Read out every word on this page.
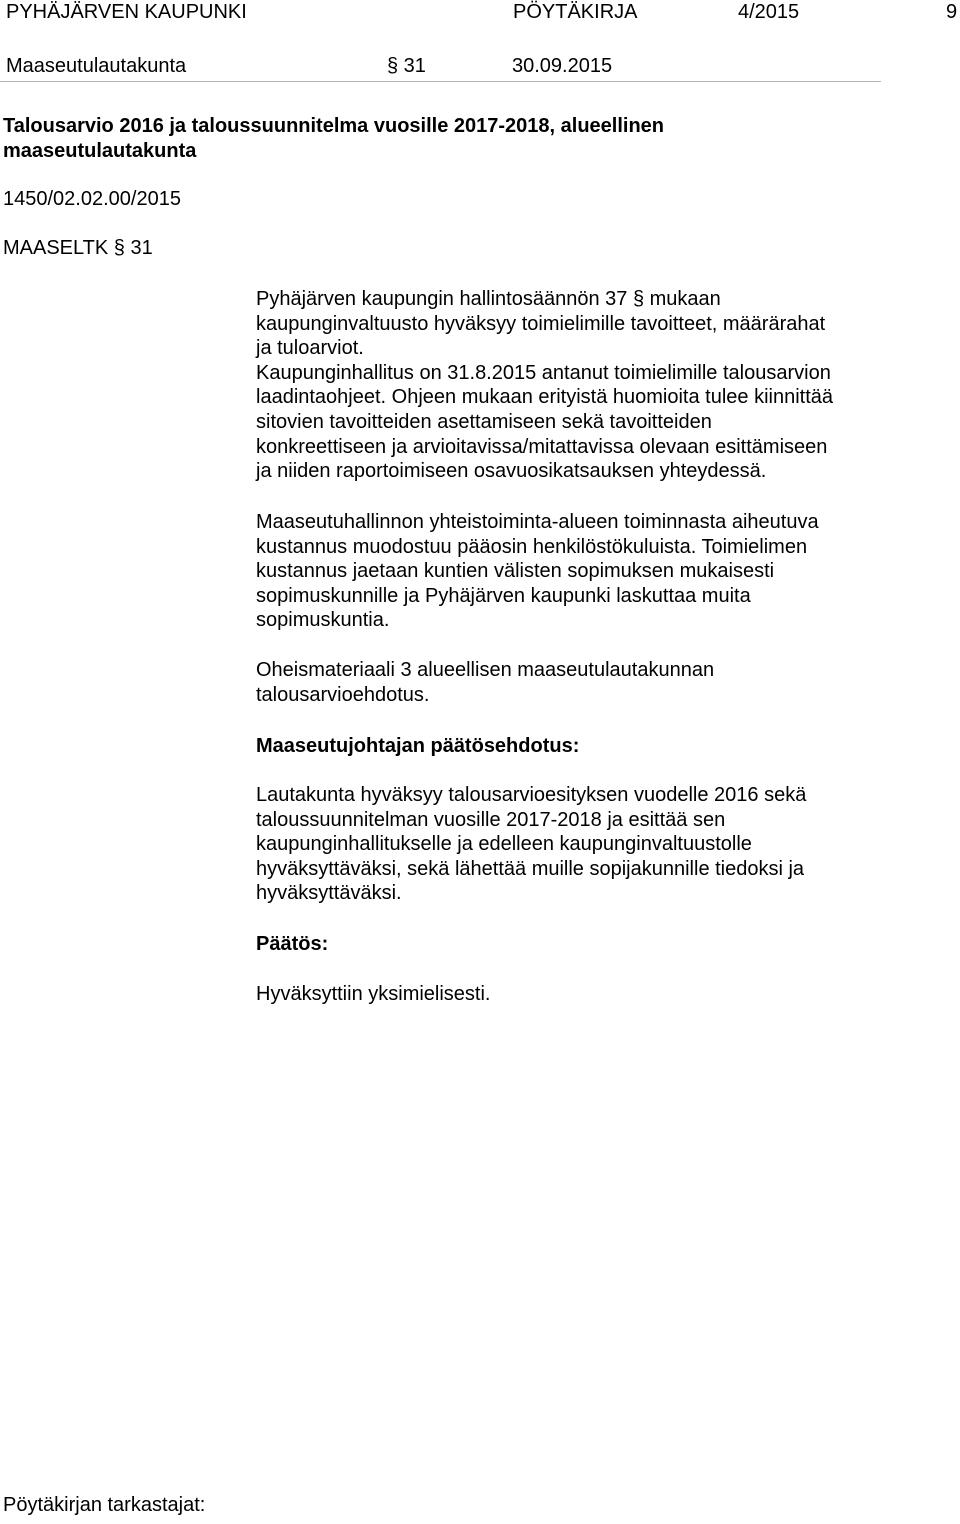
PYHÄJÄRVEN KAUPUNKI	PÖYTÄKIRJA	4/2015	9
Maaseutulautakunta	§ 31	30.09.2015
Talousarvio 2016 ja taloussuunnitelma vuosille 2017-2018, alueellinen
maaseutulautakunta
1450/02.02.00/2015
MAASELTK § 31

Pyhäjärven kaupungin hallintosäännön 37 § mukaan

kaupunginvaltuusto hyväksyy toimielimille tavoitteet, määrärahat

ja tuloarviot.

Kaupunginhallitus on 31.8.2015 antanut toimielimille talousarvion

laadintaohjeet. Ohjeen mukaan erityistä huomioita tulee kiinnittää

sitovien tavoitteiden asettamiseen sekä tavoitteiden

konkreettiseen ja arvioitavissa/mitattavissa olevaan esittämiseen

ja niiden raportoimiseen osavuosikatsauksen yhteydessä.

Maaseutuhallinnon yhteistoiminta-alueen toiminnasta aiheutuva

kustannus muodostuu pääosin henkilöstökuluista. Toimielimen

kustannus jaetaan kuntien välisten sopimuksen mukaisesti

sopimuskunnille ja Pyhäjärven kaupunki laskuttaa muita

sopimuskuntia.

Oheismateriaali 3 alueellisen maaseutulautakunnan

talousarvioehdotus.

Maaseutujohtajan päätösehdotus:

Lautakunta hyväksyy talousarvioesityksen vuodelle 2016 sekä

taloussuunnitelman vuosille 2017-2018 ja esittää sen

kaupunginhallitukselle ja edelleen kaupunginvaltuustolle

hyväksyttäväksi, sekä lähettää muille sopijakunnille tiedoksi ja

hyväksyttäväksi.

Päätös:
Hyväksyttiin yksimielisesti.
Pöytäkirjan tarkastajat:
